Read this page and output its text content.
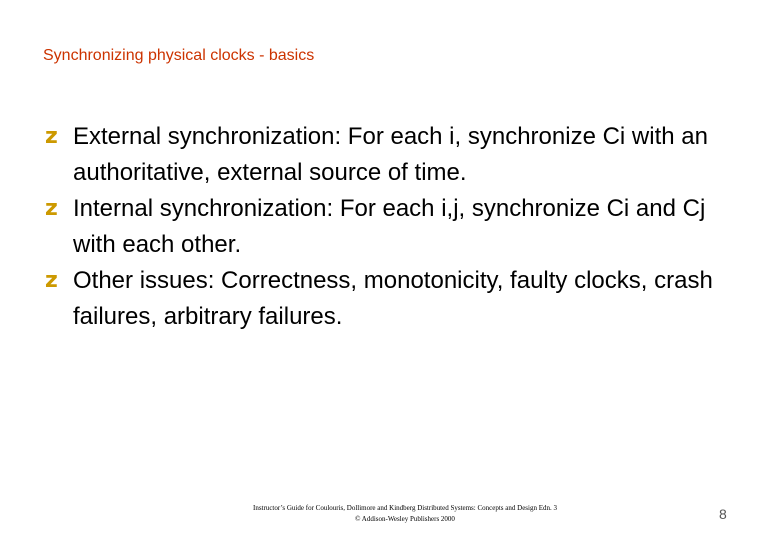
Synchronizing physical clocks - basics
z External synchronization: For each i, synchronize Ci with an authoritative, external source of time.
z Internal synchronization: For each i,j, synchronize Ci and Cj with each other.
z Other issues: Correctness, monotonicity, faulty clocks, crash failures, arbitrary failures.
Instructor’s Guide for Coulouris, Dollimore and Kindberg Distributed Systems: Concepts and Design Edn. 3
© Addison-Wesley Publishers 2000	8
